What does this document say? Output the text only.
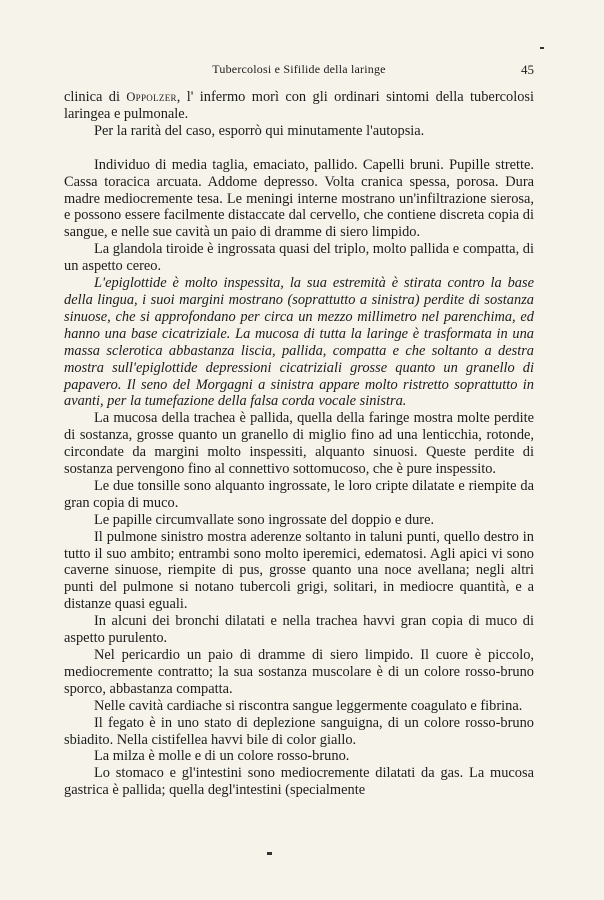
Tubercolosi e Sifilide della laringe	45

clinica di Oppolzer, l' infermo morì con gli ordinari sintomi della tubercolosi laringea e pulmonale.

Per la rarità del caso, esporrò qui minutamente l'autopsia.

Individuo di media taglia, emaciato, pallido. Capelli bruni. Pupille strette. Cassa toracica arcuata. Addome depresso. Volta cranica spessa, porosa. Dura madre mediocremente tesa. Le meningi interne mostrano un'infiltrazione sierosa, e possono essere facilmente distaccate dal cervello, che contiene discreta copia di sangue, e nelle sue cavità un paio di dramme di siero limpido.

La glandola tiroide è ingrossata quasi del triplo, molto pallida e compatta, di un aspetto cereo.

L'epiglottide è molto inspessita, la sua estremità è stirata contro la base della lingua, i suoi margini mostrano (soprattutto a sinistra) perdite di sostanza sinuose, che si approfondano per circa un mezzo millimetro nel parenchima, ed hanno una base cicatriziale. La mucosa di tutta la laringe è trasformata in una massa sclerotica abbastanza liscia, pallida, compatta e che soltanto a destra mostra sull'epiglottide depressioni cicatriziali grosse quanto un granello di papavero. Il seno del Morgagni a sinistra appare molto ristretto soprattutto in avanti, per la tumefazione della falsa corda vocale sinistra.

La mucosa della trachea è pallida, quella della faringe mostra molte perdite di sostanza, grosse quanto un granello di miglio fino ad una lenticchia, rotonde, circondate da margini molto inspessiti, alquanto sinuosi. Queste perdite di sostanza pervengono fino al connettivo sottomucoso, che è pure inspessito.

Le due tonsille sono alquanto ingrossate, le loro cripte dilatate e riempite da gran copia di muco.

Le papille circumvallate sono ingrossate del doppio e dure.

Il pulmone sinistro mostra aderenze soltanto in taluni punti, quello destro in tutto il suo ambito; entrambi sono molto iperemici, edematosi. Agli apici vi sono caverne sinuose, riempite di pus, grosse quanto una noce avellana; negli altri punti del pulmone si notano tubercoli grigi, solitari, in mediocre quantità, e a distanze quasi eguali.

In alcuni dei bronchi dilatati e nella trachea havvi gran copia di muco di aspetto purulento.

Nel pericardio un paio di dramme di siero limpido. Il cuore è piccolo, mediocremente contratto; la sua sostanza muscolare è di un colore rosso-bruno sporco, abbastanza compatta.

Nelle cavità cardiache si riscontra sangue leggermente coagulato e fibrina.

Il fegato è in uno stato di deplezione sanguigna, di un colore rosso-bruno sbiadito. Nella cistifellea havvi bile di color giallo.

La milza è molle e di un colore rosso-bruno.

Lo stomaco e gl'intestini sono mediocremente dilatati da gas. La mucosa gastrica è pallida; quella degl'intestini (specialmente
